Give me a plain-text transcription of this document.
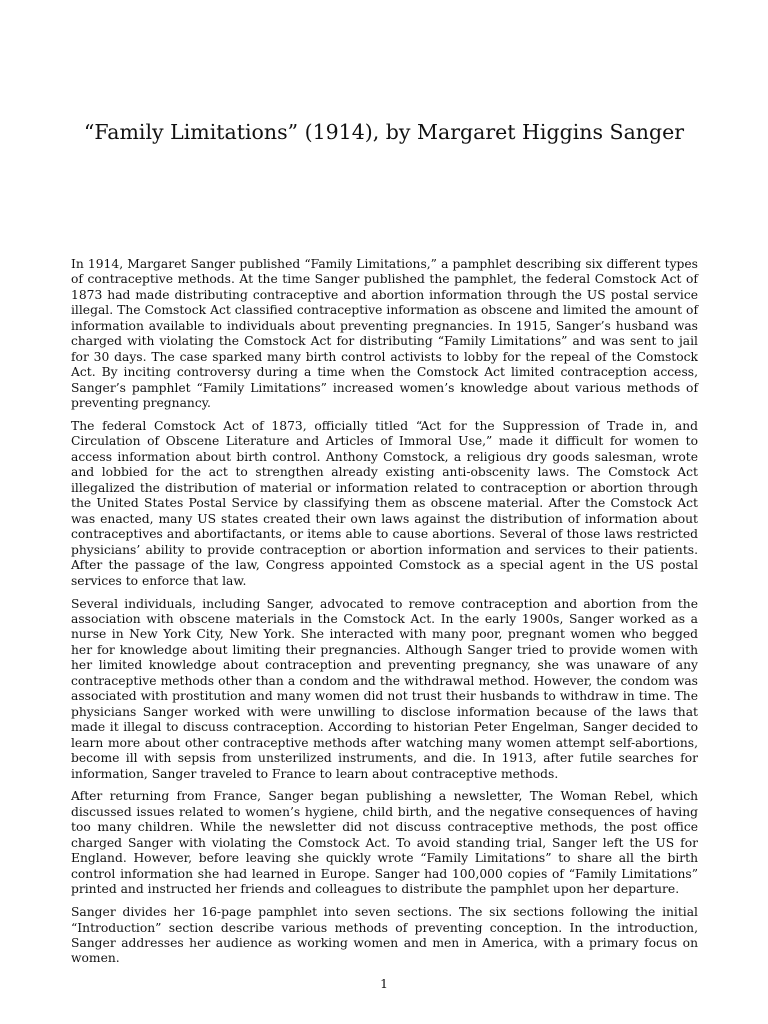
“Family Limitations” (1914), by Margaret Higgins Sanger

In 1914, Margaret Sanger published “Family Limitations,” a pamphlet describing six different types of contraceptive methods. At the time Sanger published the pamphlet, the federal Comstock Act of 1873 had made distributing contraceptive and abortion information through the US postal service illegal. The Comstock Act classified contraceptive information as obscene and limited the amount of information available to individuals about preventing pregnancies. In 1915, Sanger’s husband was charged with violating the Comstock Act for distributing “Family Limitations” and was sent to jail for 30 days. The case sparked many birth control activists to lobby for the repeal of the Comstock Act. By inciting controversy during a time when the Comstock Act limited contraception access, Sanger’s pamphlet “Family Limitations” increased women’s knowledge about various methods of preventing pregnancy.

The federal Comstock Act of 1873, officially titled “Act for the Suppression of Trade in, and Circulation of Obscene Literature and Articles of Immoral Use,” made it difficult for women to access information about birth control. Anthony Comstock, a religious dry goods salesman, wrote and lobbied for the act to strengthen already existing anti-obscenity laws. The Comstock Act illegalized the distribution of material or information related to contraception or abortion through the United States Postal Service by classifying them as obscene material. After the Comstock Act was enacted, many US states created their own laws against the distribution of information about contraceptives and abortifactants, or items able to cause abortions. Several of those laws restricted physicians’ ability to provide contraception or abortion information and services to their patients. After the passage of the law, Congress appointed Comstock as a special agent in the US postal services to enforce that law.

Several individuals, including Sanger, advocated to remove contraception and abortion from the association with obscene materials in the Comstock Act. In the early 1900s, Sanger worked as a nurse in New York City, New York. She interacted with many poor, pregnant women who begged her for knowledge about limiting their pregnancies. Although Sanger tried to provide women with her limited knowledge about contraception and preventing pregnancy, she was unaware of any contraceptive methods other than a condom and the withdrawal method. However, the condom was associated with prostitution and many women did not trust their husbands to withdraw in time. The physicians Sanger worked with were unwilling to disclose information because of the laws that made it illegal to discuss contraception. According to historian Peter Engelman, Sanger decided to learn more about other contraceptive methods after watching many women attempt self-abortions, become ill with sepsis from unsterilized instruments, and die. In 1913, after futile searches for information, Sanger traveled to France to learn about contraceptive methods.

After returning from France, Sanger began publishing a newsletter, The Woman Rebel, which discussed issues related to women’s hygiene, child birth, and the negative consequences of having too many children. While the newsletter did not discuss contraceptive methods, the post office charged Sanger with violating the Comstock Act. To avoid standing trial, Sanger left the US for England. However, before leaving she quickly wrote “Family Limitations” to share all the birth control information she had learned in Europe. Sanger had 100,000 copies of “Family Limitations” printed and instructed her friends and colleagues to distribute the pamphlet upon her departure.

Sanger divides her 16-page pamphlet into seven sections. The six sections following the initial “Introduction” section describe various methods of preventing conception. In the introduction, Sanger addresses her audience as working women and men in America, with a primary focus on women.

1
